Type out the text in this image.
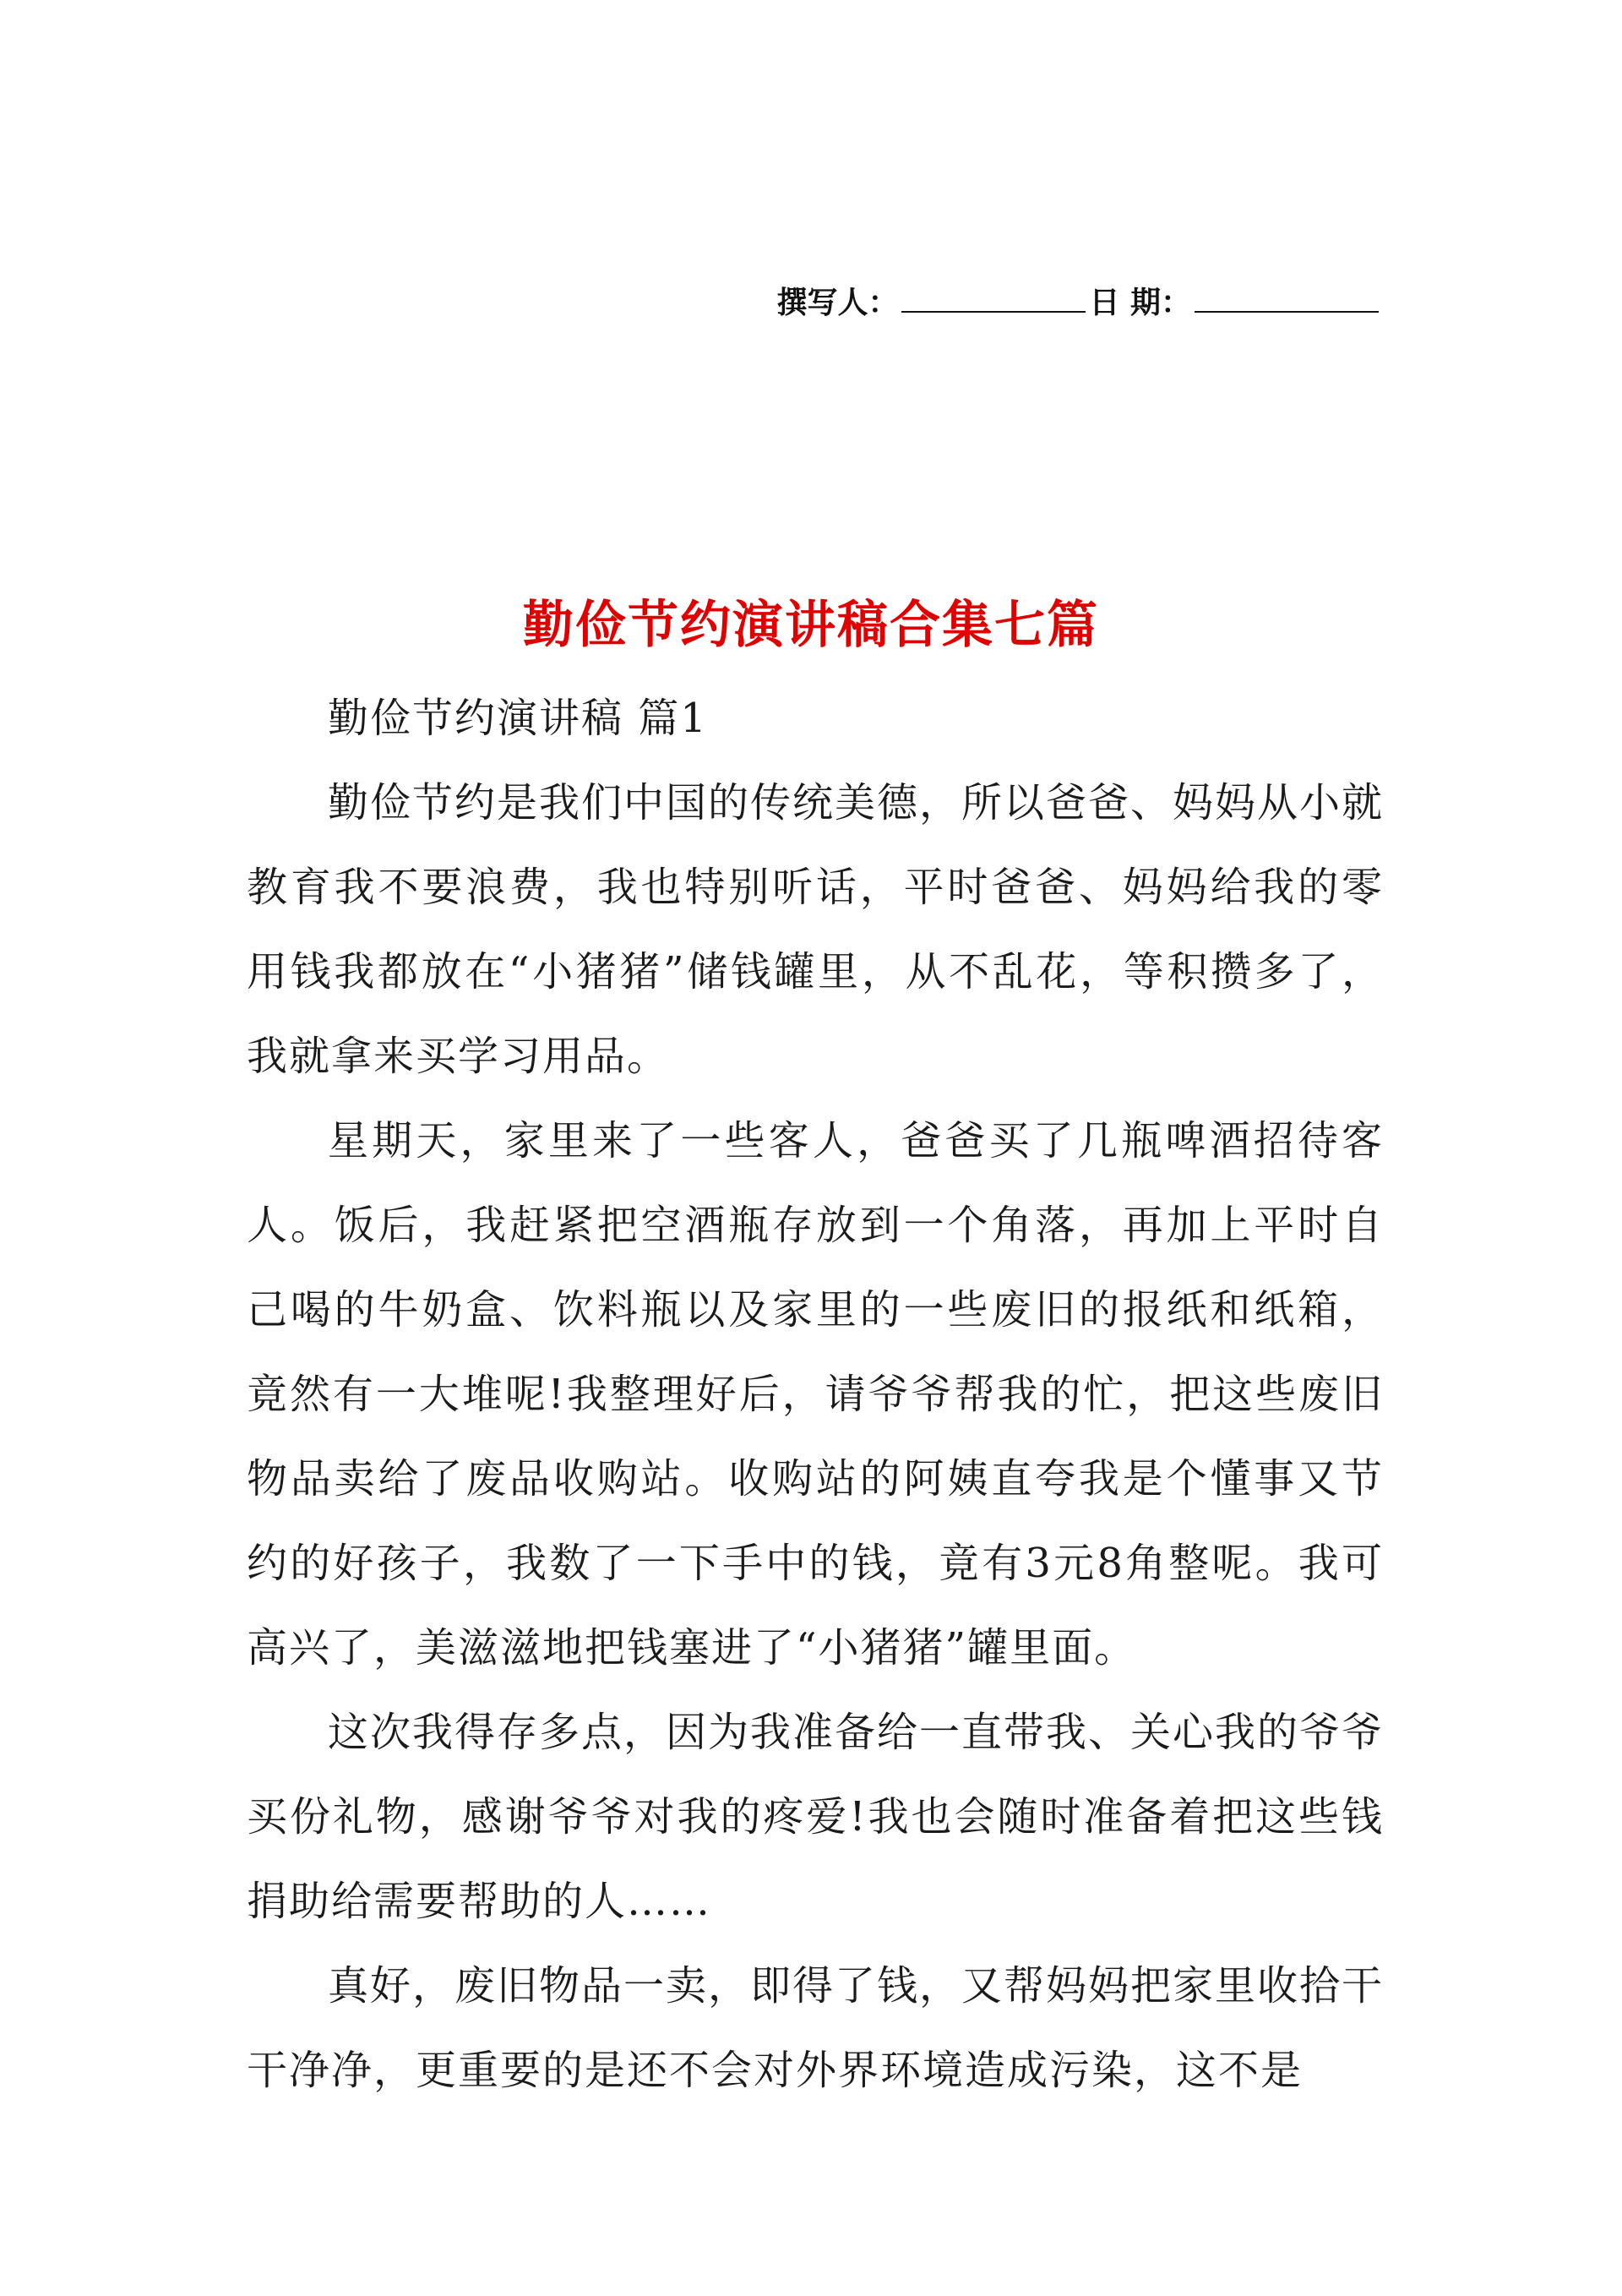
撰写人：	日 期：
勤俭节约演讲稿合集七篇

勤俭节约演讲稿 篇1

勤俭节约是我们中国的传统美德，所以爸爸、妈妈从小就教育我不要浪费，我也特别听话，平时爸爸、妈妈给我的零用钱我都放在“小猪猪”储钱罐里，从不乱花，等积攒多了，我就拿来买学习用品。

星期天，家里来了一些客人，爸爸买了几瓶啤酒招待客人。饭后，我赶紧把空酒瓶存放到一个角落，再加上平时自己喝的牛奶盒、饮料瓶以及家里的一些废旧的报纸和纸箱，竟然有一大堆呢!我整理好后，请爷爷帮我的忙，把这些废旧物品卖给了废品收购站。收购站的阿姨直夸我是个懂事又节约的好孩子，我数了一下手中的钱，竟有3元8角整呢。我可高兴了，美滋滋地把钱塞进了“小猪猪”罐里面。

这次我得存多点，因为我准备给一直带我、关心我的爷爷买份礼物，感谢爷爷对我的疼爱!我也会随时准备着把这些钱捐助给需要帮助的人……

真好，废旧物品一卖，即得了钱，又帮妈妈把家里收拾干干净净，更重要的是还不会对外界环境造成污染，这不是
